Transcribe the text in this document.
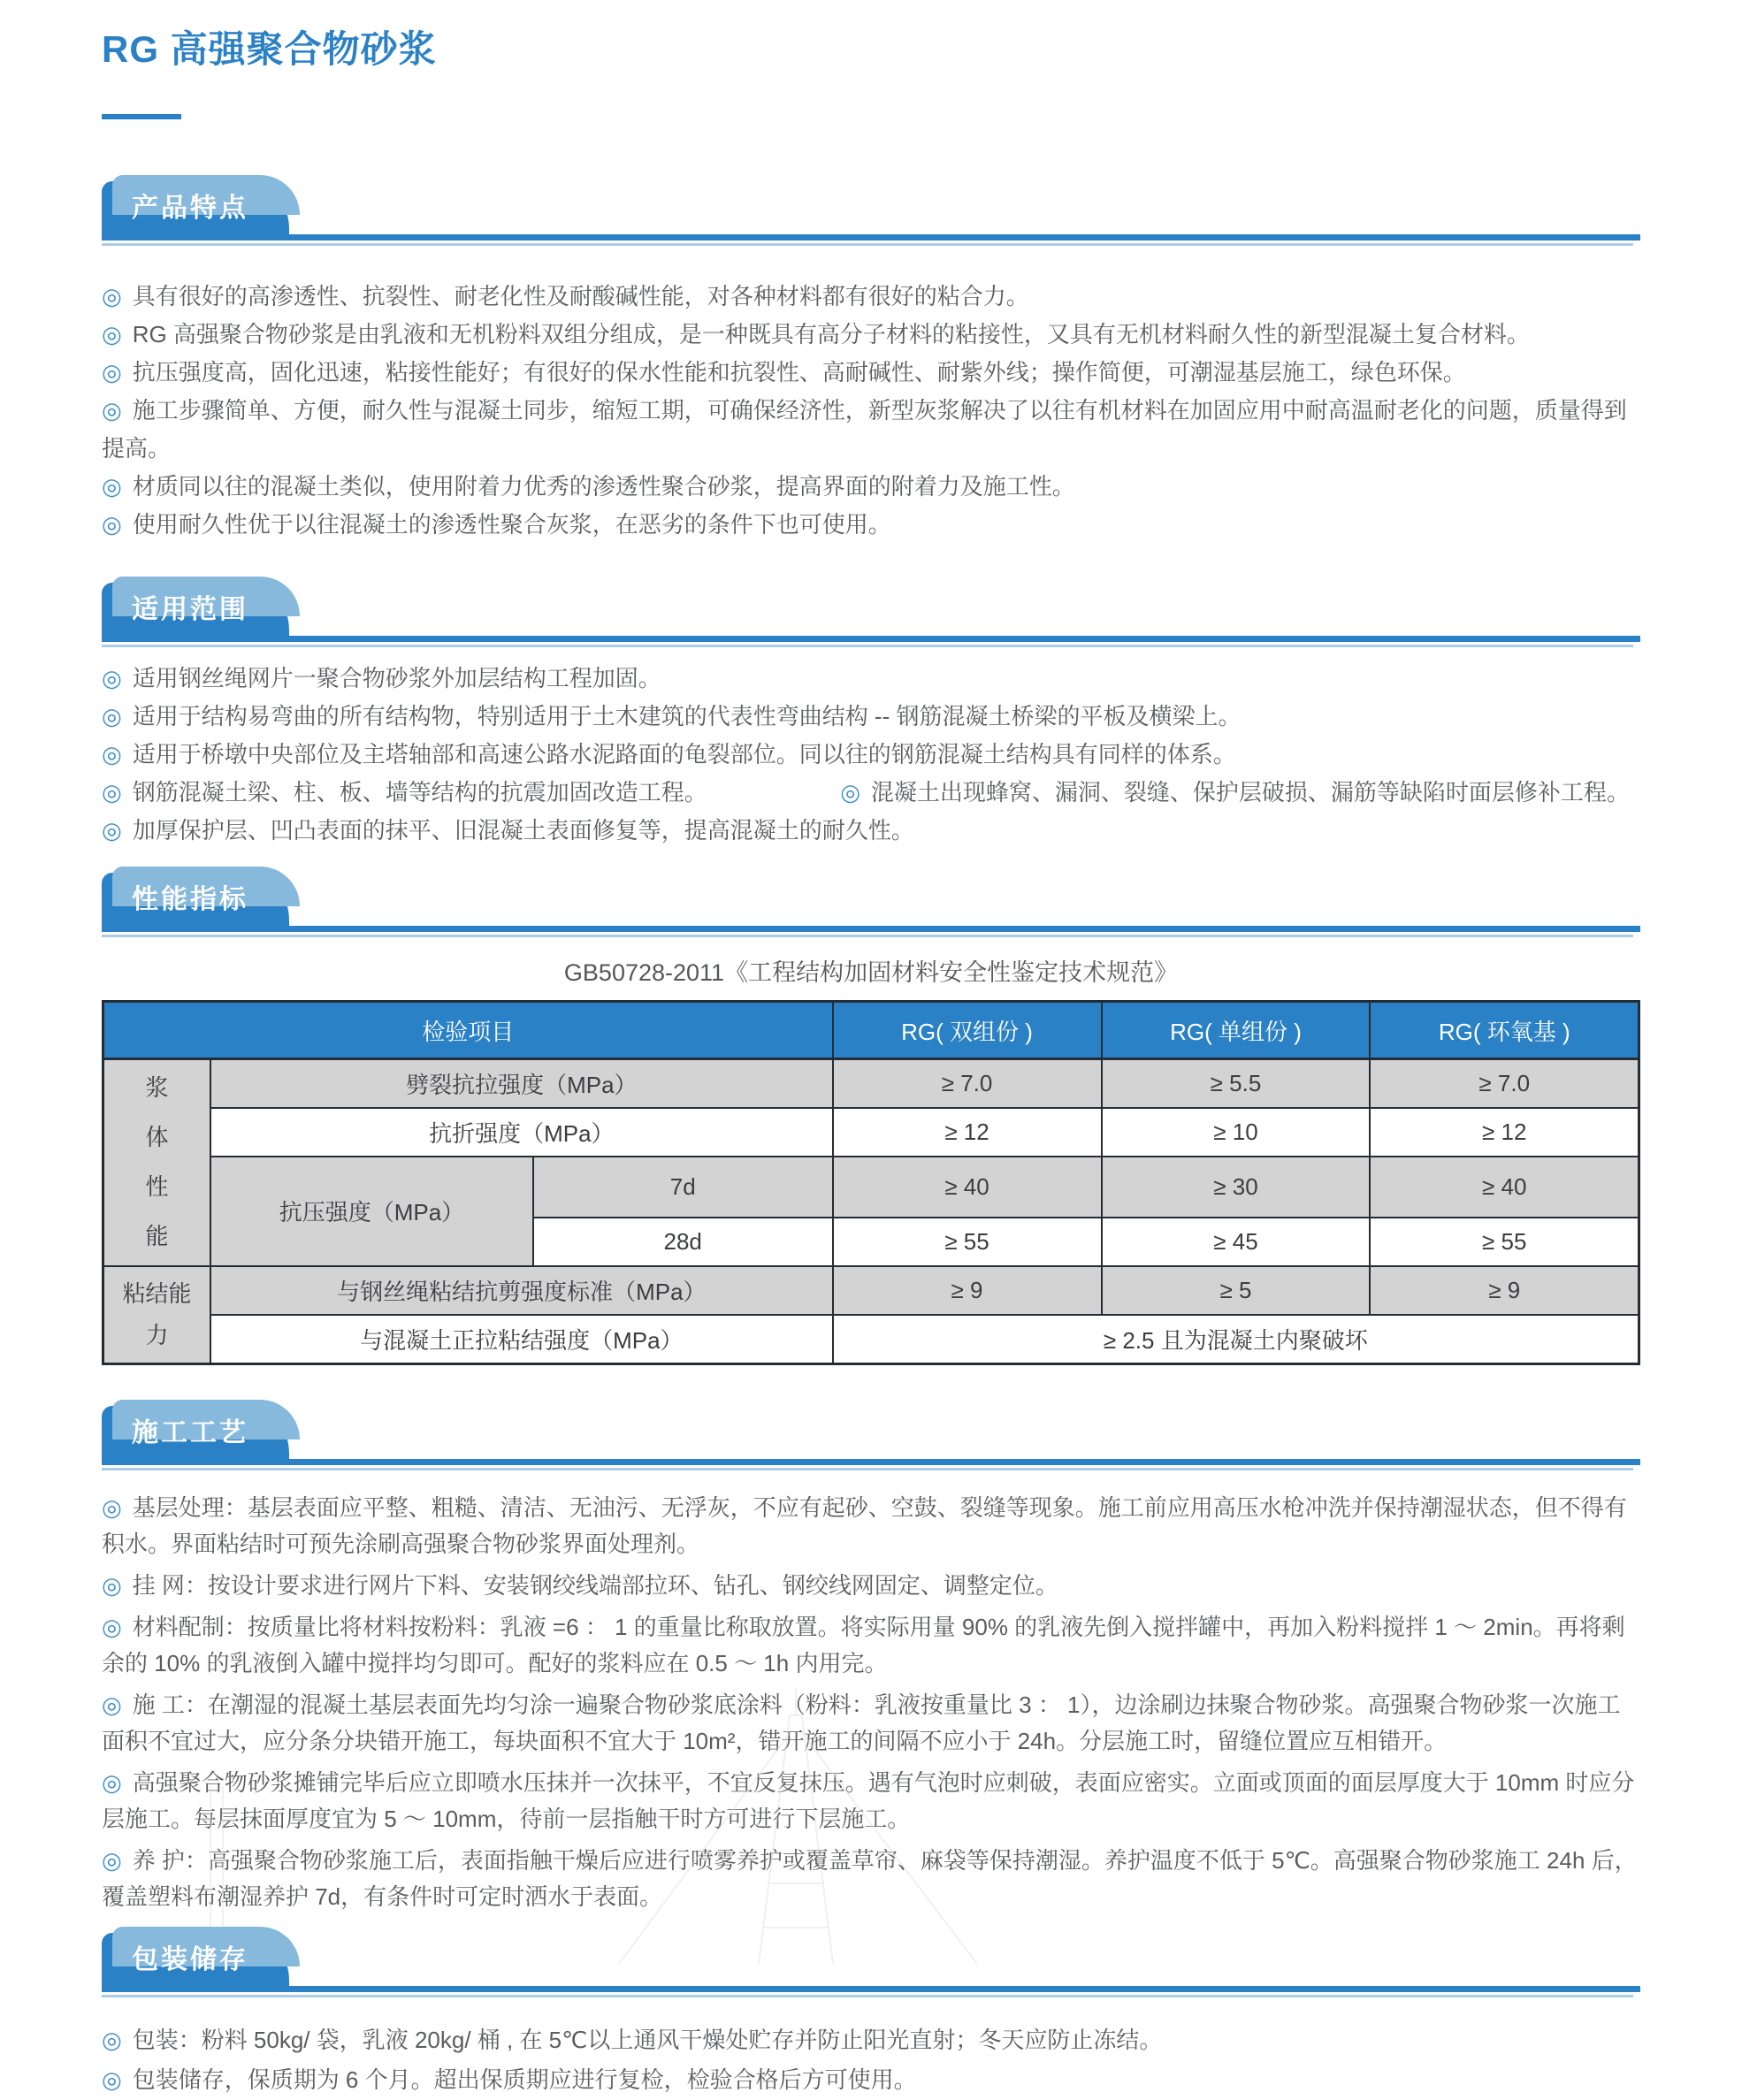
RG 高强聚合物砂浆
产品特点

◎ 具有很好的高渗透性、抗裂性、耐老化性及耐酸碱性能，对各种材料都有很好的粘合力。

◎ RG 高强聚合物砂浆是由乳液和无机粉料双组分组成，是一种既具有高分子材料的粘接性，又具有无机材料耐久性的新型混凝土复合材料。

◎ 抗压强度高，固化迅速，粘接性能好；有很好的保水性能和抗裂性、高耐碱性、耐紫外线；操作简便，可潮湿基层施工，绿色环保。

◎ 施工步骤简单、方便，耐久性与混凝土同步，缩短工期，可确保经济性，新型灰浆解决了以往有机材料在加固应用中耐高温耐老化的问题，质量得到提高。

◎ 材质同以往的混凝土类似，使用附着力优秀的渗透性聚合砂浆，提高界面的附着力及施工性。

◎ 使用耐久性优于以往混凝土的渗透性聚合灰浆，在恶劣的条件下也可使用。

适用范围

◎ 适用钢丝绳网片一聚合物砂浆外加层结构工程加固。

◎ 适用于结构易弯曲的所有结构物，特别适用于土木建筑的代表性弯曲结构 -- 钢筋混凝土桥梁的平板及横梁上。

◎ 适用于桥墩中央部位及主塔轴部和高速公路水泥路面的龟裂部位。同以往的钢筋混凝土结构具有同样的体系。

◎ 钢筋混凝土梁、柱、板、墙等结构的抗震加固改造工程。	◎ 混凝土出现蜂窝、漏洞、裂缝、保护层破损、漏筋等缺陷时面层修补工程。

◎ 加厚保护层、凹凸表面的抹平、旧混凝土表面修复等，提高混凝土的耐久性。

性能指标

GB50728-2011《工程结构加固材料安全性鉴定技术规范》

检验项目			RG( 双组份 )	RG( 单组份 )	RG( 环氧基 )
浆体性能	劈裂抗拉强度（MPa）		≥ 7.0	≥ 5.5	≥ 7.0
	抗折强度（MPa）		≥ 12	≥ 10	≥ 12
	抗压强度（MPa）	7d	≥ 40	≥ 30	≥ 40
		28d	≥ 55	≥ 45	≥ 55
粘结能力	与钢丝绳粘结抗剪强度标准（MPa）		≥ 9	≥ 5	≥ 9
	与混凝土正拉粘结强度（MPa）		≥ 2.5 且为混凝土内聚破坏		
施工工艺

◎ 基层处理：基层表面应平整、粗糙、清洁、无油污、无浮灰，不应有起砂、空鼓、裂缝等现象。施工前应用高压水枪冲洗并保持潮湿状态，但不得有积水。界面粘结时可预先涂刷高强聚合物砂浆界面处理剂。

◎ 挂 网：按设计要求进行网片下料、安装钢绞线端部拉环、钻孔、钢绞线网固定、调整定位。

◎ 材料配制：按质量比将材料按粉料：乳液 =6 ： 1 的重量比称取放置。将实际用量 90% 的乳液先倒入搅拌罐中，再加入粉料搅拌 1 ～ 2min。再将剩余的 10% 的乳液倒入罐中搅拌均匀即可。配好的浆料应在 0.5 ～ 1h 内用完。

◎ 施 工：在潮湿的混凝土基层表面先均匀涂一遍聚合物砂浆底涂料（粉料：乳液按重量比 3 ： 1），边涂刷边抹聚合物砂浆。高强聚合物砂浆一次施工面积不宜过大，应分条分块错开施工，每块面积不宜大于 10m²，错开施工的间隔不应小于 24h。分层施工时，留缝位置应互相错开。

◎ 高强聚合物砂浆摊铺完毕后应立即喷水压抹并一次抹平，不宜反复抹压。遇有气泡时应刺破，表面应密实。立面或顶面的面层厚度大于 10mm 时应分层施工。每层抹面厚度宜为 5 ～ 10mm，待前一层指触干时方可进行下层施工。

◎ 养 护：高强聚合物砂浆施工后，表面指触干燥后应进行喷雾养护或覆盖草帘、麻袋等保持潮湿。养护温度不低于 5℃。高强聚合物砂浆施工 24h 后，覆盖塑料布潮湿养护 7d，有条件时可定时洒水于表面。

包装储存

◎ 包装：粉料 50kg/ 袋，乳液 20kg/ 桶 , 在 5℃以上通风干燥处贮存并防止阳光直射；冬天应防止冻结。

◎ 包装储存，保质期为 6 个月。超出保质期应进行复检，检验合格后方可使用。
